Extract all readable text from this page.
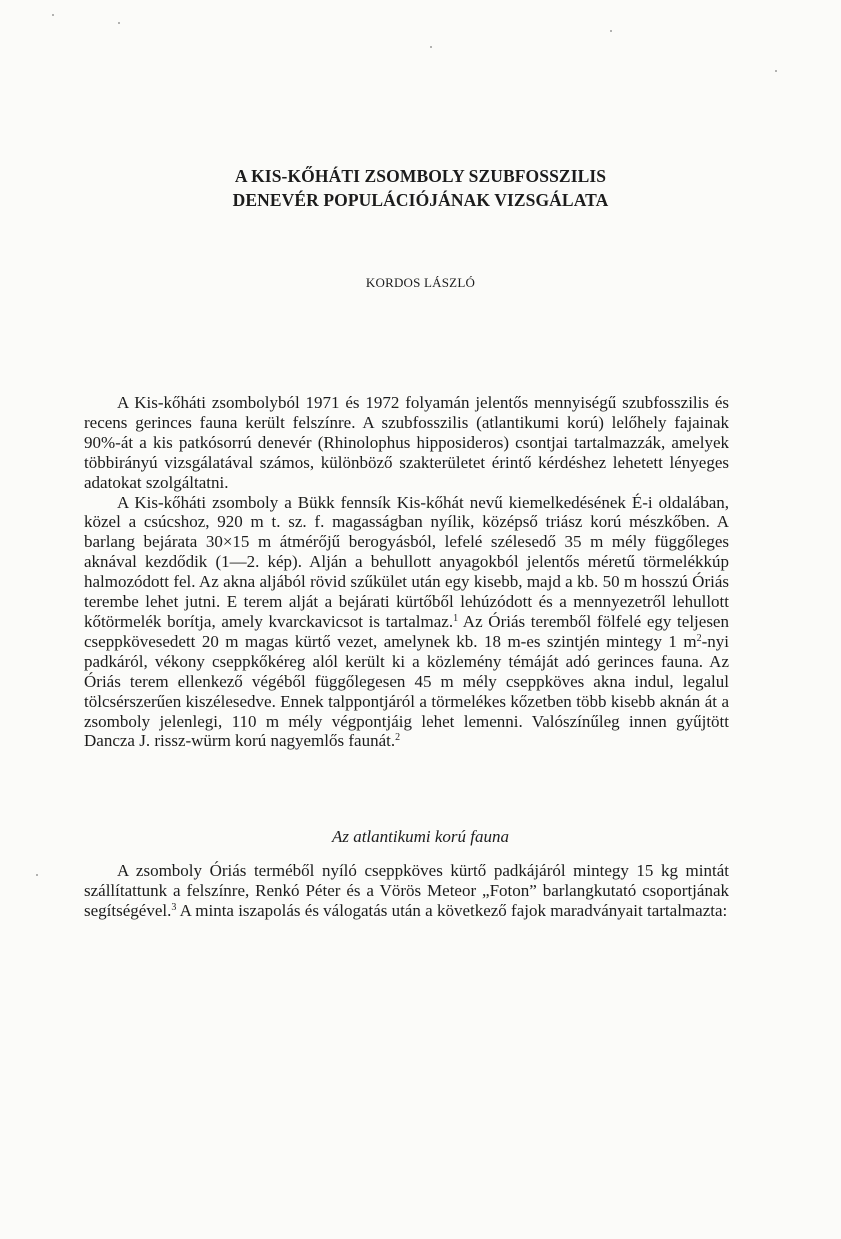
A KIS-KŐHÁTI ZSOMBOLY SZUBFOSSZILIS
DENEVÉR POPULÁCIÓJÁNAK VIZSGÁLATA
KORDOS LÁSZLÓ

A Kis-kőháti zsombolyból 1971 és 1972 folyamán jelentős mennyiségű szubfosszilis és recens gerinces fauna került felszínre. A szubfosszilis (atlantikumi korú) lelőhely fajainak 90%-át a kis patkósorrú denevér (Rhinolophus hipposideros) csontjai tartalmazzák, amelyek többirányú vizsgálatával számos, különböző szakterületet érintő kérdéshez lehetett lényeges adatokat szolgáltatni.

A Kis-kőháti zsomboly a Bükk fennsík Kis-kőhát nevű kiemelkedésének É-i oldalában, közel a csúcshoz, 920 m t. sz. f. magasságban nyílik, középső triász korú mészkőben. A barlang bejárata 30×15 m átmérőjű berogyásból, lefelé szélesedő 35 m mély függőleges aknával kezdődik (1—2. kép). Alján a behullott anyagokból jelentős méretű törmelékkúp halmozódott fel. Az akna aljából rövid szűkület után egy kisebb, majd a kb. 50 m hosszú Óriás terembe lehet jutni. E terem alját a bejárati kürtőből lehúzódott és a mennyezetről lehullott kőtörmelék borítja, amely kvarckavicsot is tartalmaz.$^1$ Az Óriás teremből fölfelé egy teljesen cseppkövesedett 20 m magas kürtő vezet, amelynek kb. 18 m-es szintjén mintegy 1 $m^2$-nyi padkáról, vékony cseppkőkéreg alól került ki a közlemény témáját adó gerinces fauna. Az Óriás terem ellenkező végéből függőlegesen 45 m mély cseppköves akna indul, legalul tölcsérszerűen kiszélesedve. Ennek talppontjáról a törmelékes kőzetben több kisebb aknán át a zsomboly jelenlegi, 110 m mély végpontjáig lehet lemenni. Valószínűleg innen gyűjtött Dancza J. rissz-würm korú nagyemlős faunát.$^2$

Az atlantikumi korú fauna

A zsomboly Óriás terméből nyíló cseppköves kürtő padkájáról mintegy 15 kg mintát szállítattunk a felszínre, Renkó Péter és a Vörös Meteor „Foton” barlangkutató csoportjának segítségével.$^3$ A minta iszapolás és válogatás után a következő fajok maradványait tartalmazta:
